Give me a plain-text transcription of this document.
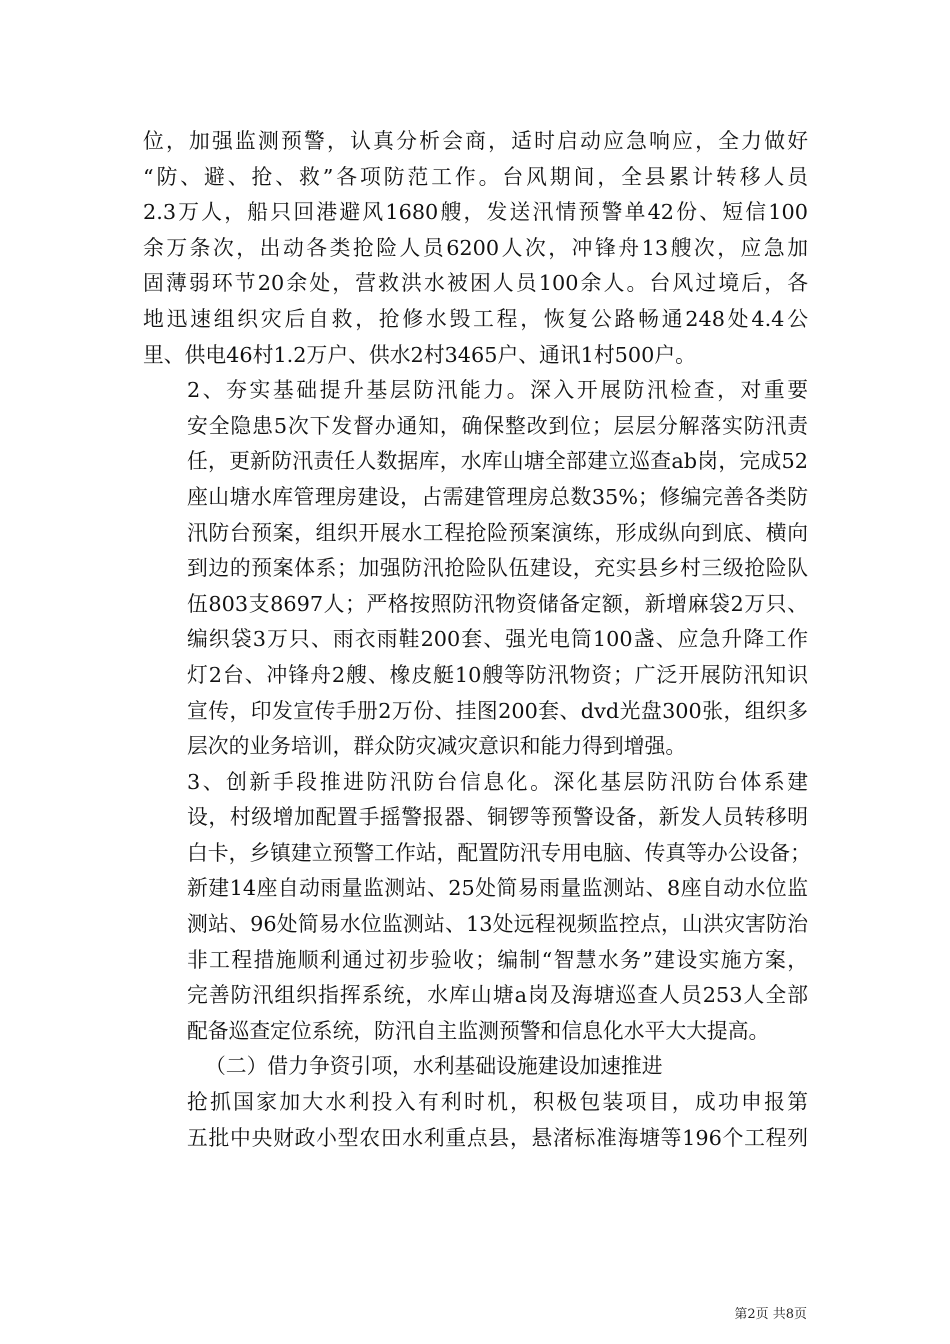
位，加强监测预警，认真分析会商，适时启动应急响应，全力做好
“防、避、抢、救”各项防范工作。台风期间，全县累计转移人员
2.3万人，船只回港避风1680艘，发送汛情预警单42份、短信100
余万条次，出动各类抢险人员6200人次，冲锋舟13艘次，应急加
固薄弱环节20余处，营救洪水被困人员100余人。台风过境后，各
地迅速组织灾后自救，抢修水毁工程，恢复公路畅通248处4.4公
里、供电46村1.2万户、供水2村3465户、通讯1村500户。
2、夯实基础提升基层防汛能力。深入开展防汛检查，对重要
安全隐患5次下发督办通知，确保整改到位；层层分解落实防汛责
任，更新防汛责任人数据库，水库山塘全部建立巡查ab岗，完成52
座山塘水库管理房建设，占需建管理房总数35%；修编完善各类防
汛防台预案，组织开展水工程抢险预案演练，形成纵向到底、横向
到边的预案体系；加强防汛抢险队伍建设，充实县乡村三级抢险队
伍803支8697人；严格按照防汛物资储备定额，新增麻袋2万只、
编织袋3万只、雨衣雨鞋200套、强光电筒100盏、应急升降工作
灯2台、冲锋舟2艘、橡皮艇10艘等防汛物资；广泛开展防汛知识
宣传，印发宣传手册2万份、挂图200套、dvd光盘300张，组织多
层次的业务培训，群众防灾减灾意识和能力得到增强。
3、创新手段推进防汛防台信息化。深化基层防汛防台体系建
设，村级增加配置手摇警报器、铜锣等预警设备，新发人员转移明
白卡，乡镇建立预警工作站，配置防汛专用电脑、传真等办公设备；
新建14座自动雨量监测站、25处简易雨量监测站、8座自动水位监
测站、96处简易水位监测站、13处远程视频监控点，山洪灾害防治
非工程措施顺利通过初步验收；编制“智慧水务”建设实施方案，
完善防汛组织指挥系统，水库山塘a岗及海塘巡查人员253人全部
配备巡查定位系统，防汛自主监测预警和信息化水平大大提高。
（二）借力争资引项，水利基础设施建设加速推进
抢抓国家加大水利投入有利时机，积极包装项目，成功申报第
五批中央财政小型农田水利重点县，悬渚标准海塘等196个工程列
第2页 共8页
